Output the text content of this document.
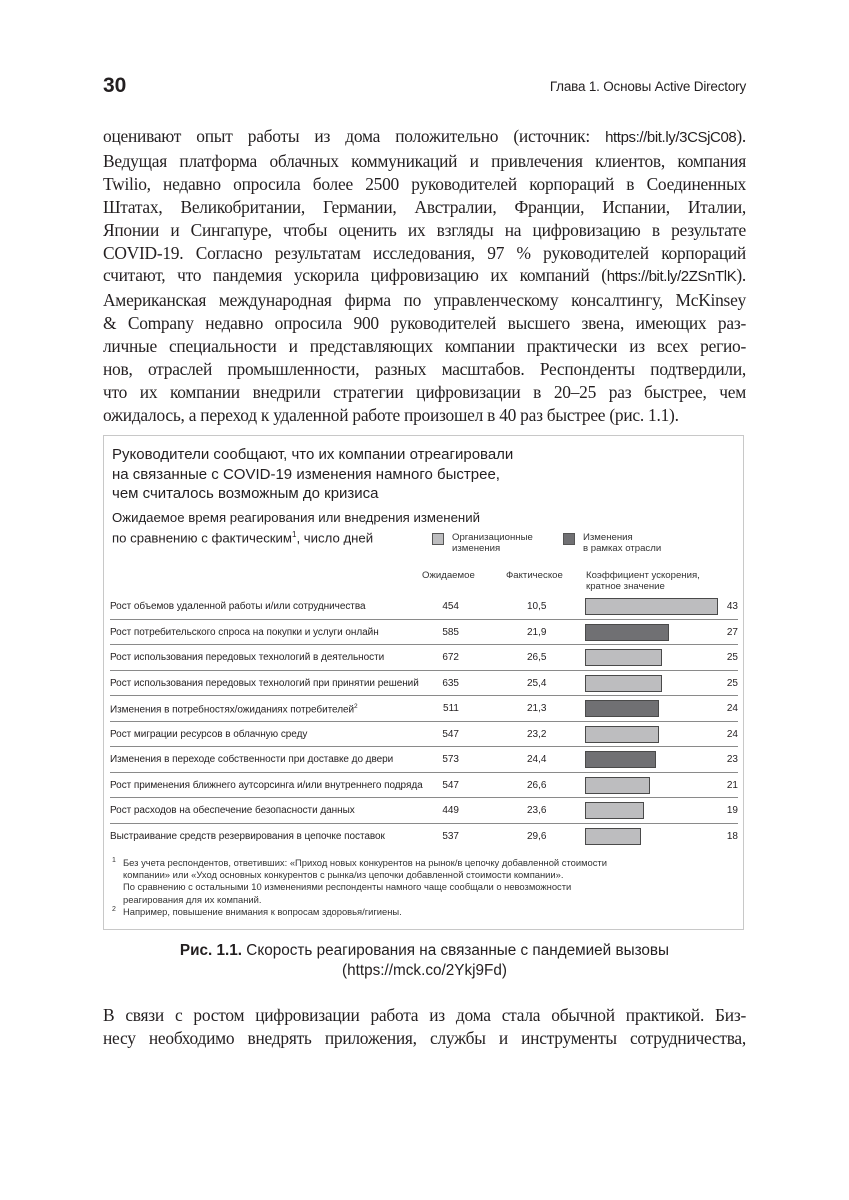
30	Глава 1. Основы Active Directory
оценивают опыт работы из дома положительно (источник: https://bit.ly/3CSjC08).
Ведущая платформа облачных коммуникаций и привлечения клиентов, компания
Twilio, недавно опросила более 2500 руководителей корпораций в Соединенных
Штатах, Великобритании, Германии, Австралии, Франции, Испании, Италии,
Японии и Сингапуре, чтобы оценить их взгляды на цифровизацию в результате
COVID-19. Согласно результатам исследования, 97 % руководителей корпораций
считают, что пандемия ускорила цифровизацию их компаний (https://bit.ly/2ZSnTlK).
Американская международная фирма по управленческому консалтингу, McKinsey
& Company недавно опросила 900 руководителей высшего звена, имеющих раз-
личные специальности и представляющих компании практически из всех регио-
нов, отраслей промышленности, разных масштабов. Респонденты подтвердили,
что их компании внедрили стратегии цифровизации в 20–25 раз быстрее, чем
ожидалось, а переход к удаленной работе произошел в 40 раз быстрее (рис. 1.1).
Руководители сообщают, что их компании отреагировали
на связанные с COVID-19 изменения намного быстрее,
чем считалось возможным до кризиса
Ожидаемое время реагирования или внедрения изменений
по сравнению с фактическим$^1$, число дней	Организационные
изменения
Изменения
в рамках отрасли
Ожидаемое	Фактическое Коэффициент ускорения,
кратное значение
Рост объемов удаленной работы и/или сотрудничества	454	10,5	43
Рост потребительского спроса на покупки и услуги онлайн	585	21,9	27
Рост использования передовых технологий в деятельности	672	26,5	25
Рост использования передовых технологий при принятии решений	635	25,4	25
Изменения в потребностях/ожиданиях потребителей$^2$	511	21,3	24
Рост миграции ресурсов в облачную среду	547	23,2	24
Изменения в переходе собственности при доставке до двери	573	24,4	23
Рост применения ближнего аутсорсинга и/или внутреннего подряда	547	26,6	21
Рост расходов на обеспечение безопасности данных	449	23,6	19
Выстраивание средств резервирования в цепочке поставок	537	29,6	18
1 Без учета респондентов, ответивших: «Приход новых конкурентов на рынок/в цепочку добавленной стоимости
компании» или «Уход основных конкурентов с рынка/из цепочки добавленной стоимости компании».
По сравнению с остальными 10 изменениями респонденты намного чаще сообщали о невозможности
реагирования для их компаний.
2 Например, повышение внимания к вопросам здоровья/гигиены.
Рис. 1.1. Скорость реагирования на связанные с пандемией вызовы
(https://mck.co/2Ykj9Fd)
В связи с ростом цифровизации работа из дома стала обычной практикой. Биз-
несу необходимо внедрять приложения, службы и инструменты сотрудничества,
